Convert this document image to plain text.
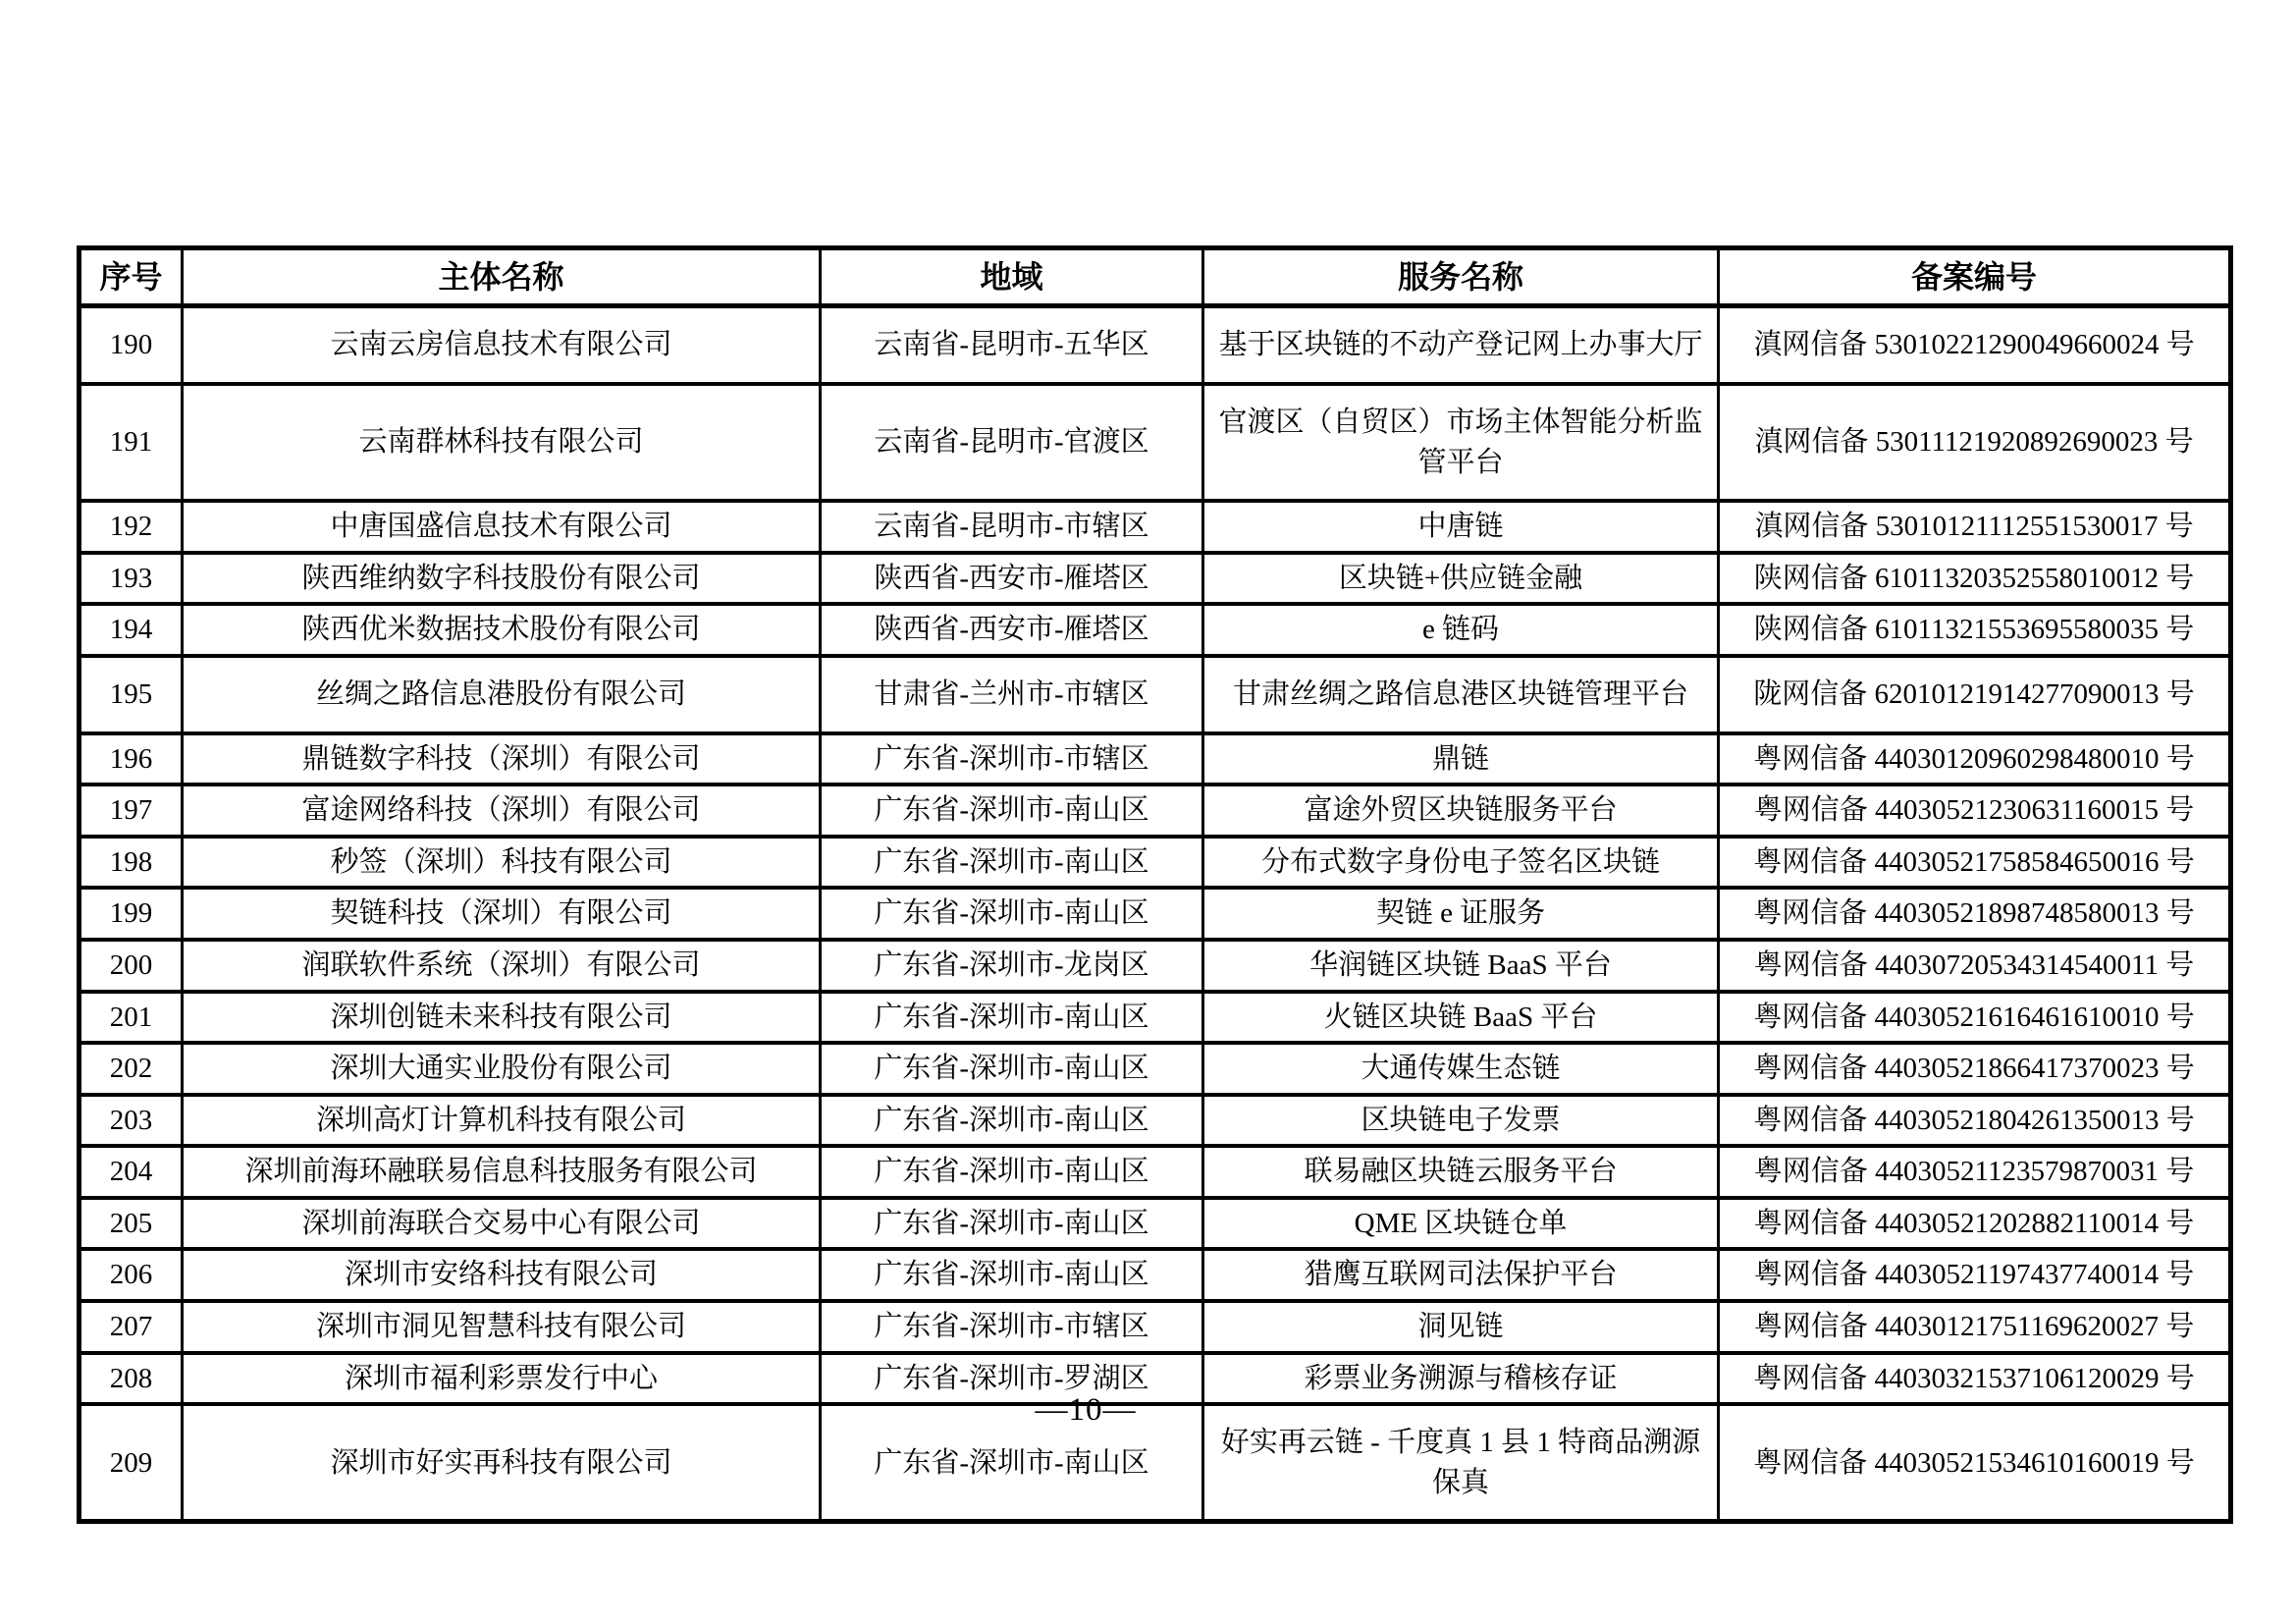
序号	主体名称	地域	服务名称	备案编号
190	云南云房信息技术有限公司	云南省-昆明市-五华区	基于区块链的不动产登记网上办事大厅	滇网信备 53010221290049660024 号
191	云南群林科技有限公司	云南省-昆明市-官渡区	官渡区（自贸区）市场主体智能分析监管平台	滇网信备 53011121920892690023 号
192	中唐国盛信息技术有限公司	云南省-昆明市-市辖区	中唐链	滇网信备 53010121112551530017 号
193	陕西维纳数字科技股份有限公司	陕西省-西安市-雁塔区	区块链+供应链金融	陕网信备 61011320352558010012 号
194	陕西优米数据技术股份有限公司	陕西省-西安市-雁塔区	e 链码	陕网信备 61011321553695580035 号
195	丝绸之路信息港股份有限公司	甘肃省-兰州市-市辖区	甘肃丝绸之路信息港区块链管理平台	陇网信备 62010121914277090013 号
196	鼎链数字科技（深圳）有限公司	广东省-深圳市-市辖区	鼎链	粤网信备 44030120960298480010 号
197	富途网络科技（深圳）有限公司	广东省-深圳市-南山区	富途外贸区块链服务平台	粤网信备 44030521230631160015 号
198	秒签（深圳）科技有限公司	广东省-深圳市-南山区	分布式数字身份电子签名区块链	粤网信备 44030521758584650016 号
199	契链科技（深圳）有限公司	广东省-深圳市-南山区	契链 e 证服务	粤网信备 44030521898748580013 号
200	润联软件系统（深圳）有限公司	广东省-深圳市-龙岗区	华润链区块链 BaaS 平台	粤网信备 44030720534314540011 号
201	深圳创链未来科技有限公司	广东省-深圳市-南山区	火链区块链 BaaS 平台	粤网信备 44030521616461610010 号
202	深圳大通实业股份有限公司	广东省-深圳市-南山区	大通传媒生态链	粤网信备 44030521866417370023 号
203	深圳高灯计算机科技有限公司	广东省-深圳市-南山区	区块链电子发票	粤网信备 44030521804261350013 号
204	深圳前海环融联易信息科技服务有限公司	广东省-深圳市-南山区	联易融区块链云服务平台	粤网信备 44030521123579870031 号
205	深圳前海联合交易中心有限公司	广东省-深圳市-南山区	QME 区块链仓单	粤网信备 44030521202882110014 号
206	深圳市安络科技有限公司	广东省-深圳市-南山区	猎鹰互联网司法保护平台	粤网信备 44030521197437740014 号
207	深圳市洞见智慧科技有限公司	广东省-深圳市-市辖区	洞见链	粤网信备 44030121751169620027 号
208	深圳市福利彩票发行中心	广东省-深圳市-罗湖区	彩票业务溯源与稽核存证	粤网信备 44030321537106120029 号
209	深圳市好实再科技有限公司	广东省-深圳市-南山区	好实再云链 - 千度真 1 县 1 特商品溯源保真	粤网信备 44030521534610160019 号
—10—
